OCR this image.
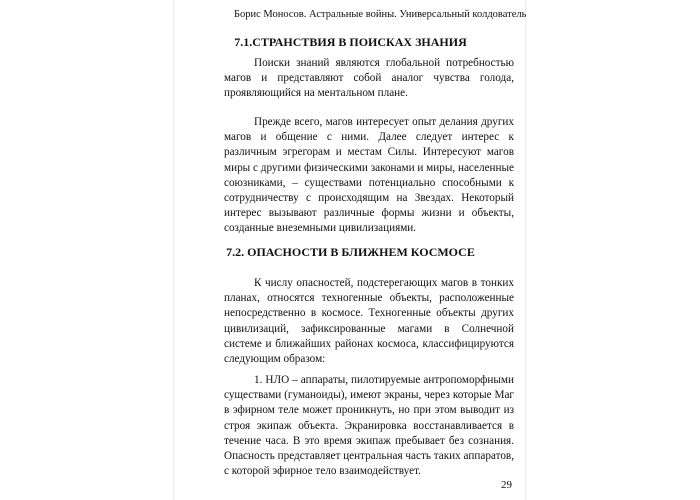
Борис Моносов. Астральные войны. Универсальный колдователь
7.1.СТРАНСТВИЯ В ПОИСКАХ ЗНАНИЯ

Поиски знаний являются глобальной потребностью магов и представляют собой аналог чувства голода, проявляющийся на ментальном плане.

Прежде всего, магов интересует опыт делания других магов и общение с ними. Далее следует интерес к различным эгрегорам и местам Силы. Интересуют магов миры с другими физическими законами и миры, населенные союзниками, – существами потенциально способными к сотрудничеству с происходящим на Звездах. Некоторый интерес вызывают различные формы жизни и объекты, созданные внеземными цивилизациями.

7.2. ОПАСНОСТИ В БЛИЖНЕМ КОСМОСЕ

К числу опасностей, подстерегающих магов в тонких планах, относятся техногенные объекты, расположенные непосредственно в космосе. Техногенные объекты других цивилизаций, зафиксированные магами в Солнечной системе и ближайших районах космоса, классифицируются следующим образом:

1. НЛО – аппараты, пилотируемые антропоморфными существами (гуманоиды), имеют экраны, через которые Маг в эфирном теле может проникнуть, но при этом выводит из строя экипаж объекта. Экранировка восстанавливается в течение часа. В это время экипаж пребывает без сознания. Опасность представляет центральная часть таких аппаратов, с которой эфирное тело взаимодействует.

29
